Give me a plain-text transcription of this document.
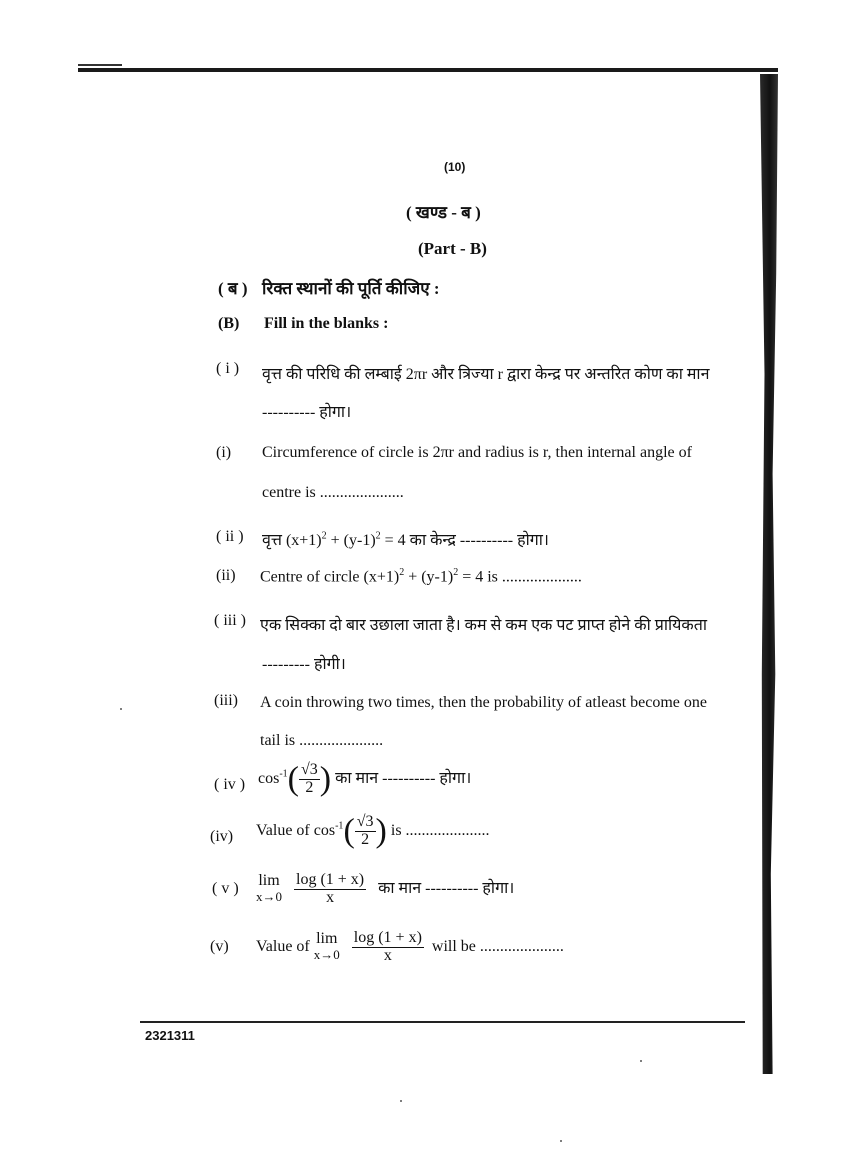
(10)
( खण्ड - ब )
(Part - B)
( ब ) रिक्त स्थानों की पूर्ति कीजिए :
(B) Fill in the blanks :
( i ) वृत्त की परिधि की लम्बाई 2πr और त्रिज्या r द्वारा केन्द्र पर अन्तरित कोण का मान
---------- होगा।
(i) Circumference of circle is 2πr and radius is r, then internal angle of
centre is .....................
( ii ) वृत्त $(x+1)^2 + (y-1)^2 = 4$ का केन्द्र ---------- होगा।
(ii) Centre of circle $(x+1)^2 + (y-1)^2 = 4$ is ....................
( iii ) एक सिक्का दो बार उछाला जाता है। कम से कम एक पट प्राप्त होने की प्रायिकता
--------- होगी।
(iii) A coin throwing two times, then the probability of atleast become one
tail is .....................
( iv ) $\cos^{-1}( \frac{√3}{2}$ ) का मान ---------- होगा।
(iv) Value of $\cos^{-1}( \frac{√3}{2}$ ) is .....................
( v ) lim
x→0
$\frac{\log (1 + x)}{x}$ का मान ---------- होगा।
(v) Value of lim
x→0
$\frac{\log (1 + x)}{x}$ will be .....................
2321311
